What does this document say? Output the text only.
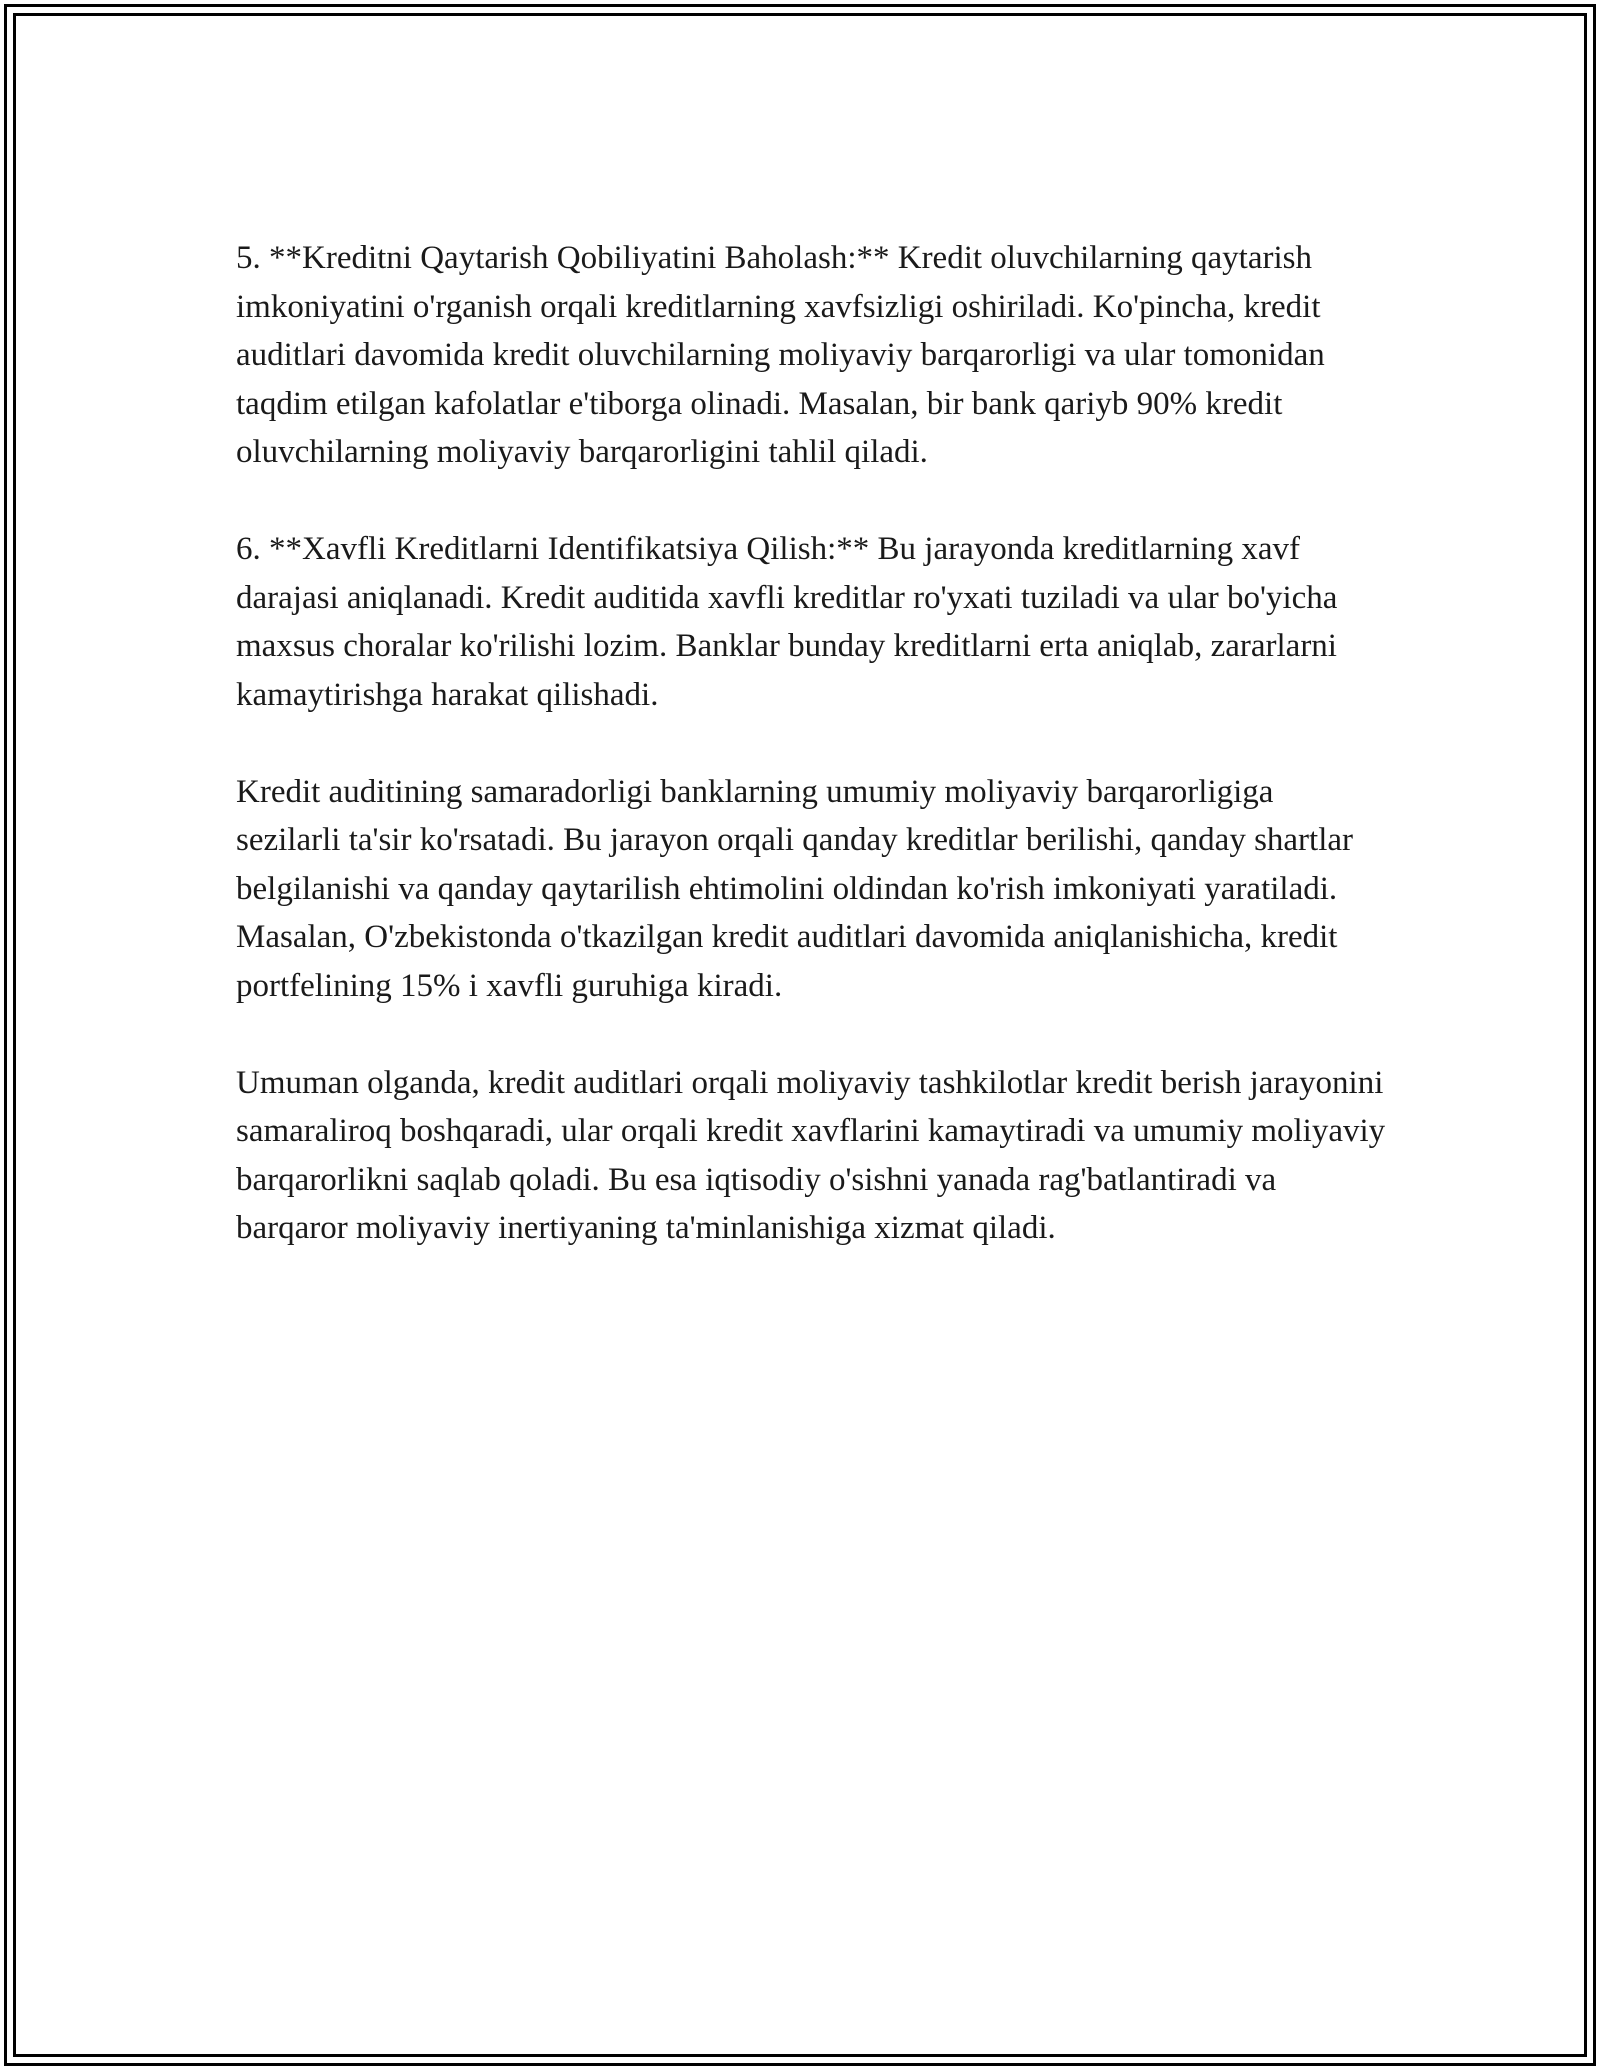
5. **Kreditni Qaytarish Qobiliyatini Baholash:** Kredit oluvchilarning qaytarish imkoniyatini o'rganish orqali kreditlarning xavfsizligi oshiriladi. Ko'pincha, kredit auditlari davomida kredit oluvchilarning moliyaviy barqarorligi va ular tomonidan taqdim etilgan kafolatlar e'tiborga olinadi. Masalan, bir bank qariyb 90% kredit oluvchilarning moliyaviy barqarorligini tahlil qiladi.

6. **Xavfli Kreditlarni Identifikatsiya Qilish:** Bu jarayonda kreditlarning xavf darajasi aniqlanadi. Kredit auditida xavfli kreditlar ro'yxati tuziladi va ular bo'yicha maxsus choralar ko'rilishi lozim. Banklar bunday kreditlarni erta aniqlab, zararlarni kamaytirishga harakat qilishadi.

Kredit auditining samaradorligi banklarning umumiy moliyaviy barqarorligiga sezilarli ta'sir ko'rsatadi. Bu jarayon orqali qanday kreditlar berilishi, qanday shartlar belgilanishi va qanday qaytarilish ehtimolini oldindan ko'rish imkoniyati yaratiladi. Masalan, O'zbekistonda o'tkazilgan kredit auditlari davomida aniqlanishicha, kredit portfelining 15% i xavfli guruhiga kiradi.

Umuman olganda, kredit auditlari orqali moliyaviy tashkilotlar kredit berish jarayonini samaraliroq boshqaradi, ular orqali kredit xavflarini kamaytiradi va umumiy moliyaviy barqarorlikni saqlab qoladi. Bu esa iqtisodiy o'sishni yanada rag'batlantiradi va barqaror moliyaviy inertiyaning ta'minlanishiga xizmat qiladi.
